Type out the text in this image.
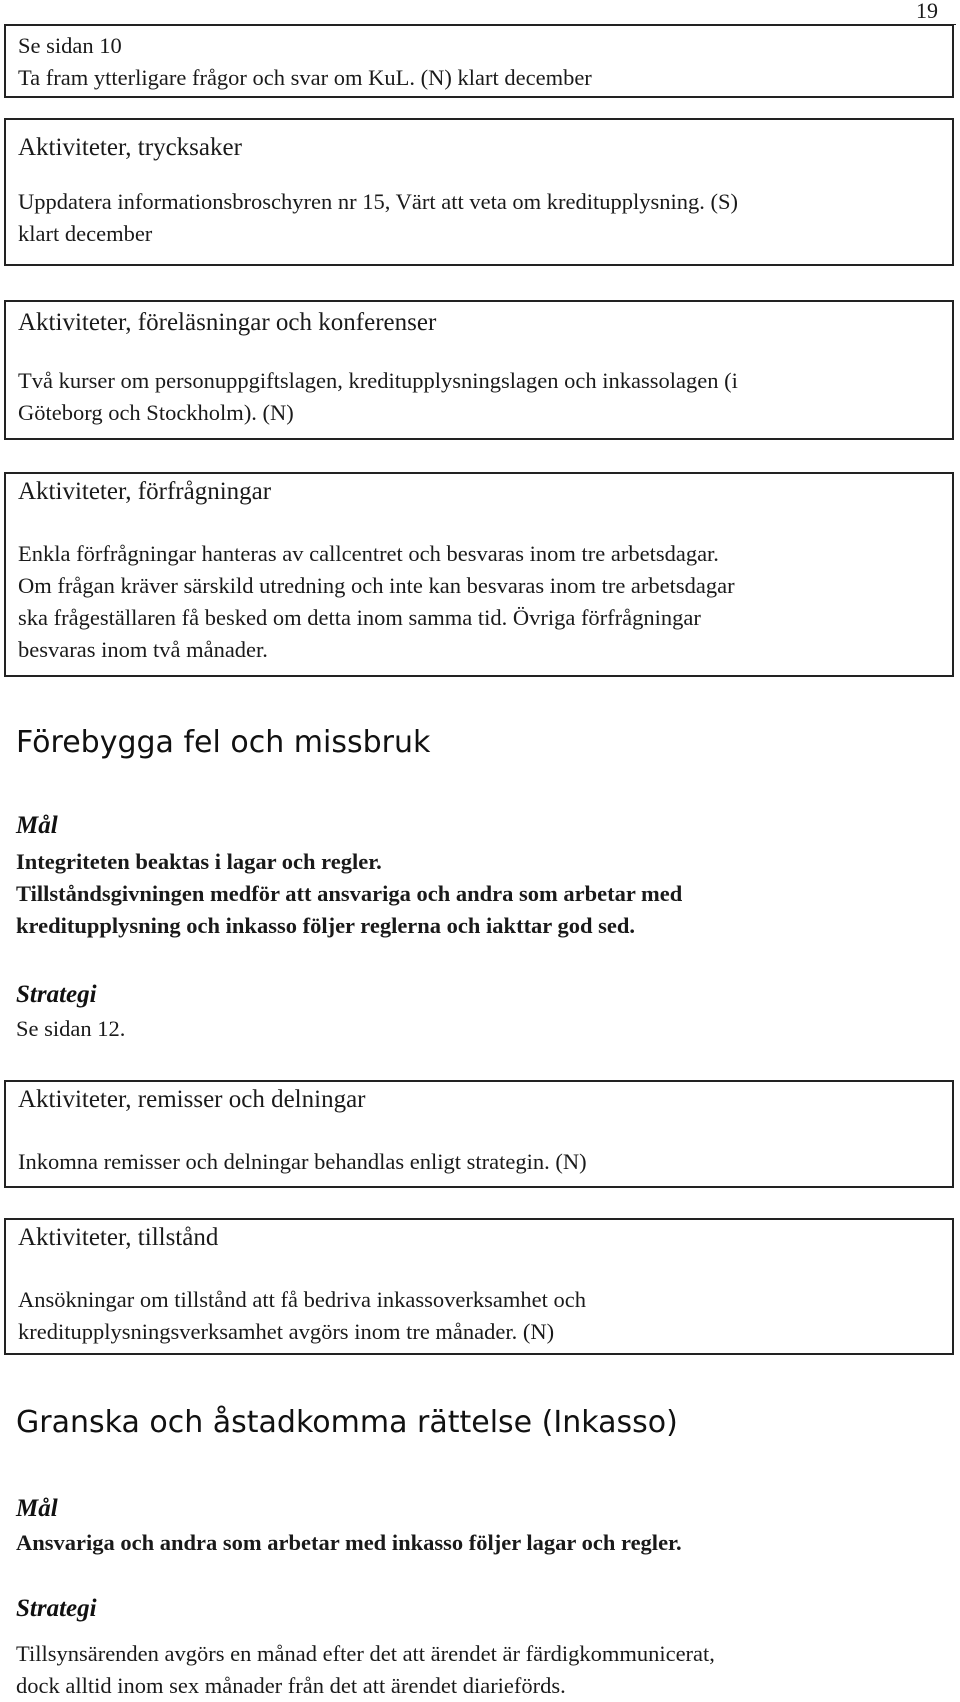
19

Se sidan 10

Ta fram ytterligare frågor och svar om KuL. (N) klart december

Aktiviteter, trycksaker

Uppdatera informationsbroschyren nr 15, Värt att veta om kreditupplysning. (S)

klart december

Aktiviteter, föreläsningar och konferenser

Två kurser om personuppgiftslagen, kreditupplysningslagen och inkassolagen (i

Göteborg och Stockholm). (N)

Aktiviteter, förfrågningar

Enkla förfrågningar hanteras av callcentret och besvaras inom tre arbetsdagar.

Om frågan kräver särskild utredning och inte kan besvaras inom tre arbetsdagar

ska frågeställaren få besked om detta inom samma tid. Övriga förfrågningar

besvaras inom två månader.

Förebygga fel och missbruk
Mål
Integriteten beaktas i lagar och regler.
Tillståndsgivningen medför att ansvariga och andra som arbetar med
kreditupplysning och inkasso följer reglerna och iakttar god sed.
Strategi
Se sidan 12.

Aktiviteter, remisser och delningar

Inkomna remisser och delningar behandlas enligt strategin. (N)

Aktiviteter, tillstånd

Ansökningar om tillstånd att få bedriva inkassoverksamhet och

kreditupplysningsverksamhet avgörs inom tre månader. (N)

Granska och åstadkomma rättelse (Inkasso)
Mål
Ansvariga och andra som arbetar med inkasso följer lagar och regler.
Strategi
Tillsynsärenden avgörs en månad efter det att ärendet är färdigkommunicerat,
dock alltid inom sex månader från det att ärendet diarieförds.
